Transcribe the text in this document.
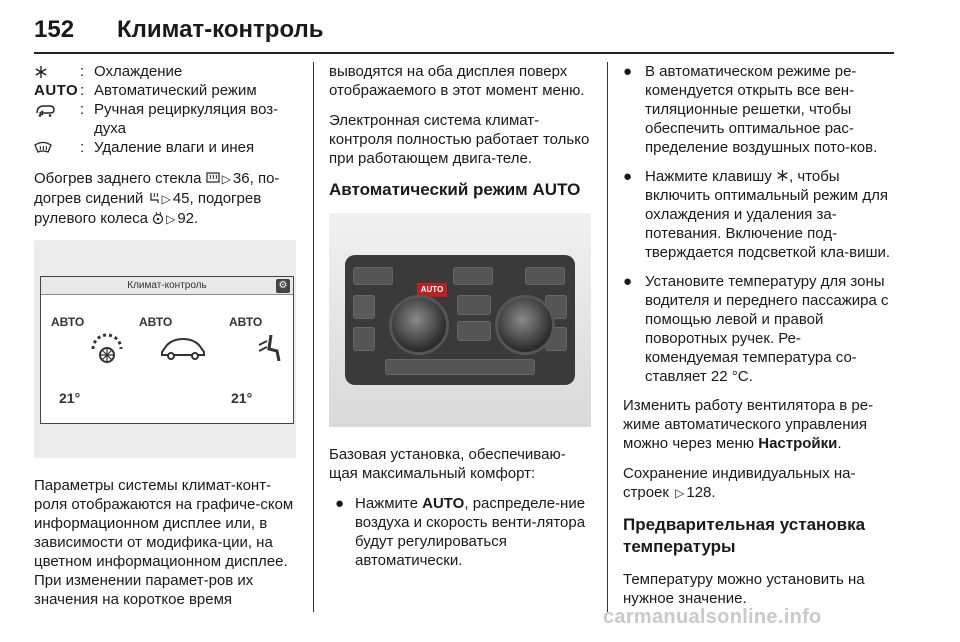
152 Климат-контроль
: Охлаждение
AUTO : Автоматический режим
: Ручная рециркуляция воз-духа
: Удаление влаги и инея

Обогрев заднего стекла ▷ 36, по- догрев сидений ▷ 45, подогрев рулевого колеса ▷ 92.

Климат-контроль	⚙
АВТО	АВТО	АВТО
21°	21°

Параметры системы климат-конт-роля отображаются на графиче-ском информационном дисплее или, в зависимости от модифика-ции, на цветном информационном дисплее. При изменении парамет-ров их значения на короткое время

выводятся на оба дисплея поверх отображаемого в этот момент меню.

Электронная система климат-контроля полностью работает только при работающем двига-теле.

Автоматический режим AUTO
AUTO

Базовая установка, обеспечиваю-щая максимальный комфорт:

● Нажмите AUTO, распределе-ние воздуха и скорость венти-лятора будут регулироваться автоматически.
● В автоматическом режиме ре-комендуется открыть все вен-тиляционные решетки, чтобы обеспечить оптимальное рас-пределение воздушных пото-ков.
● Нажмите клавишу , чтобы включить оптимальный режим для охлаждения и удаления за-потевания. Включение под-тверждается подсветкой кла-виши.
● Установите температуру для зоны водителя и переднего пассажира с помощью левой и правой поворотных ручек. Ре-комендуемая температура со-ставляет 22 °C.

Изменить работу вентилятора в ре-жиме автоматического управления можно через меню Настройки.

Сохранение индивидуальных на-строек ▷ 128.

Предварительная установка температуры

Температуру можно установить на нужное значение.

carmanualsonline.info
